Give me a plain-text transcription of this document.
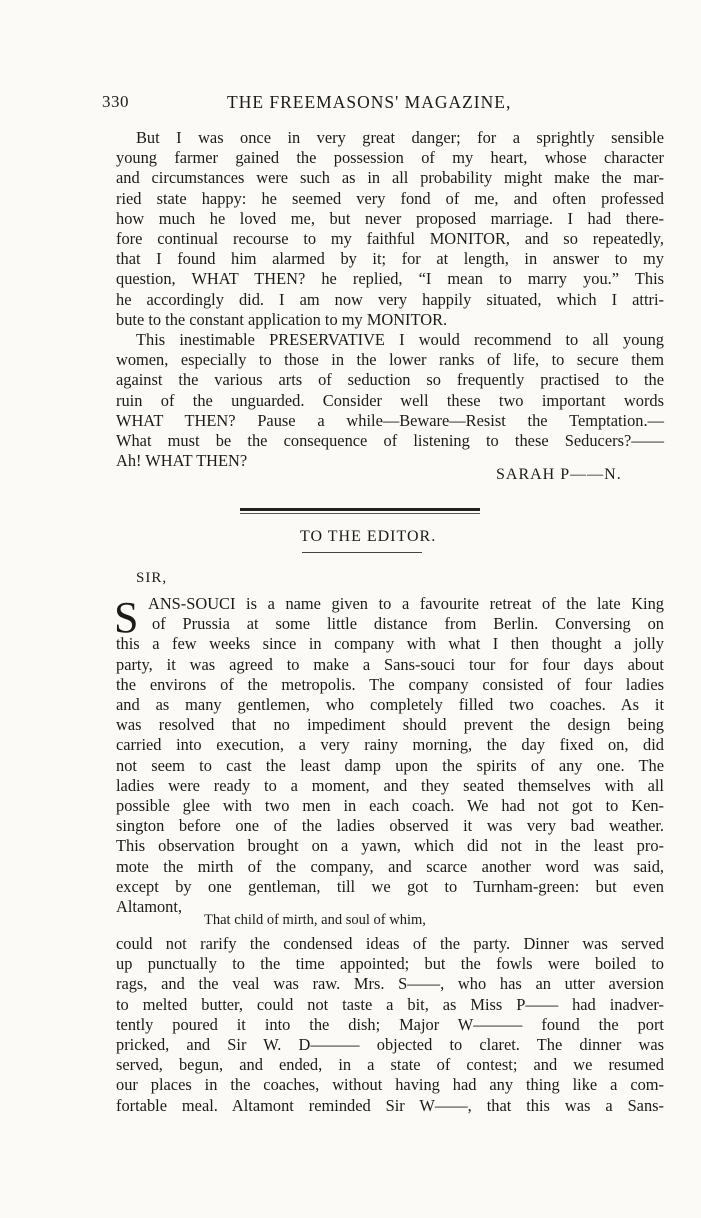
330	THE FREEMASONS' MAGAZINE,
But I was once in very great danger; for a sprightly sensible
young farmer gained the possession of my heart, whose character
and circumstances were such as in all probability might make the mar-
ried state happy: he seemed very fond of me, and often professed
how much he loved me, but never proposed marriage. I had there-
fore continual recourse to my faithful MONITOR, and so repeatedly,
that I found him alarmed by it; for at length, in answer to my
question, WHAT THEN? he replied, “I mean to marry you.” This
he accordingly did. I am now very happily situated, which I attri-
bute to the constant application to my MONITOR.
This inestimable PRESERVATIVE I would recommend to all young
women, especially to those in the lower ranks of life, to secure them
against the various arts of seduction so frequently practised to the
ruin of the unguarded. Consider well these two important words
WHAT THEN? Pause a while—Beware—Resist the Temptation.—
What must be the consequence of listening to these Seducers?——
Ah! WHAT THEN?
SARAH P——N.
TO THE EDITOR.
SIR,
S ANS-SOUCI is a name given to a favourite retreat of the late King
of Prussia at some little distance from Berlin. Conversing on
this a few weeks since in company with what I then thought a jolly
party, it was agreed to make a Sans-souci tour for four days about
the environs of the metropolis. The company consisted of four ladies
and as many gentlemen, who completely filled two coaches. As it
was resolved that no impediment should prevent the design being
carried into execution, a very rainy morning, the day fixed on, did
not seem to cast the least damp upon the spirits of any one. The
ladies were ready to a moment, and they seated themselves with all
possible glee with two men in each coach. We had not got to Ken-
sington before one of the ladies observed it was very bad weather.
This observation brought on a yawn, which did not in the least pro-
mote the mirth of the company, and scarce another word was said,
except by one gentleman, till we got to Turnham-green: but even
Altamont,
That child of mirth, and soul of whim,
could not rarify the condensed ideas of the party. Dinner was served
up punctually to the time appointed; but the fowls were boiled to
rags, and the veal was raw. Mrs. S——, who has an utter aversion
to melted butter, could not taste a bit, as Miss P—— had inadver-
tently poured it into the dish; Major W——— found the port
pricked, and Sir W. D——— objected to claret. The dinner was
served, begun, and ended, in a state of contest; and we resumed
our places in the coaches, without having had any thing like a com-
fortable meal. Altamont reminded Sir W——, that this was a Sans-
